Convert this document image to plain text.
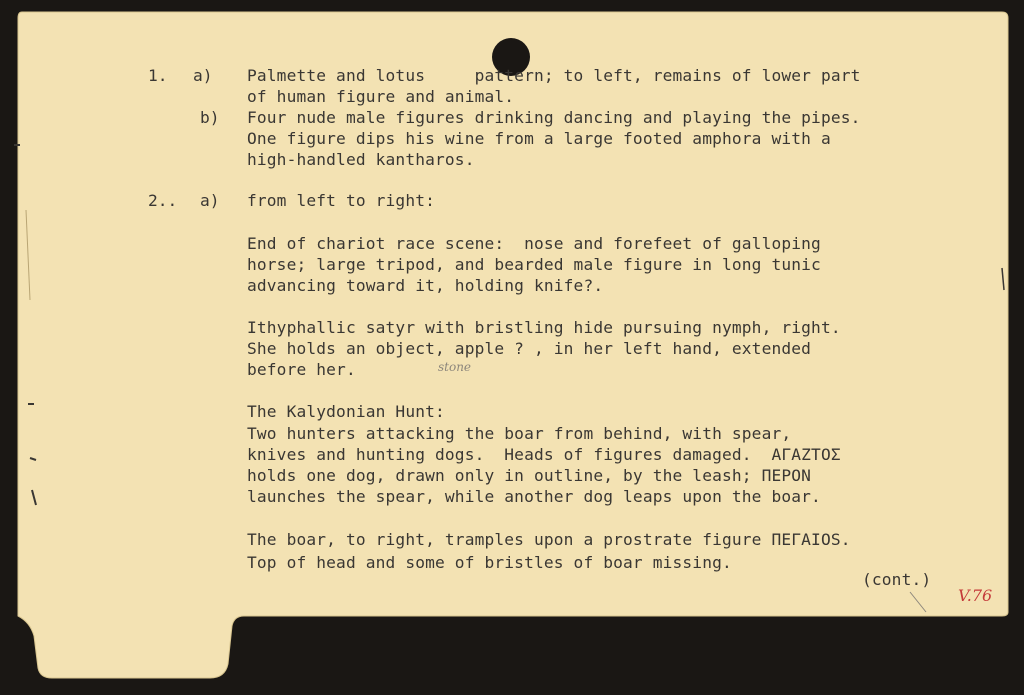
1. a) Palmette and lotus     pattern; to left, remains of lower part
of human figure and animal.
b) Four nude male figures drinking dancing and playing the pipes.
One figure dips his wine from a large footed amphora with a
high-handled kantharos.
2.. a) from left to right:
End of chariot race scene:  nose and forefeet of galloping
horse; large tripod, and bearded male figure in long tunic
advancing toward it, holding knife?.
Ithyphallic satyr with bristling hide pursuing nymph, right.
She holds an object, apple ? , in her left hand, extended
before her.	stone
The Kalydonian Hunt:
Two hunters attacking the boar from behind, with spear,
knives and hunting dogs.  Heads of figures damaged.  AΓAZTOΣ
holds one dog, drawn only in outline, by the leash; ΠEPON
launches the spear, while another dog leaps upon the boar.
The boar, to right, tramples upon a prostrate figure ΠEΓAIOS.
Top of head and some of bristles of boar missing.
(cont.)
V.76
